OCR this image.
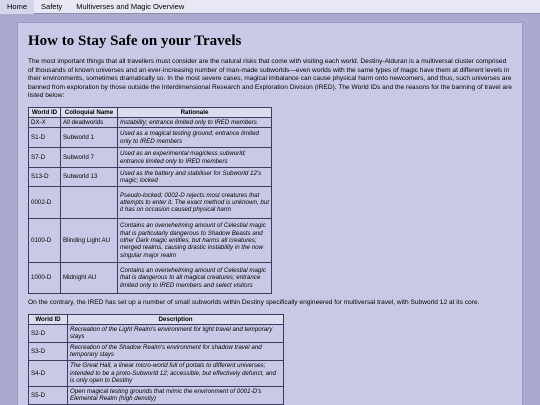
Home	Safety	Multiverses and Magic Overview
How to Stay Safe on your Travels

The most important things that all travellers must consider are the natural risks that come with visiting each world. Destiny-Alduran is a multiversal cluster comprised of thousands of known universes and an ever-increasing number of man-made subworlds—even worlds with the same types of magic have them at different levels in their environments, sometimes dramatically so. In the most severe cases, magical imbalance can cause physical harm onto newcomers, and thus, such universes are banned from exploration by those outside the Interdimensional Research and Exploration Division (IRED). The World IDs and the reasons for the banning of travel are listed below:

World ID	Colloquial Name	Rationale
DX-X	All deadworlds	Instability; entrance limited only to IRED members
S1-D	Subworld 1	Used as a magical testing ground; entrance limited only to IRED members
S7-D	Subworld 7	Used as an experimental magicless subworld; entrance limited only to IRED members
S13-D	Subworld 13	Used as the battery and stabiliser for Subworld 12's magic; locked
0002-D		Pseudo-locked; 0002-D rejects most creatures that attempts to enter it. The exact method is unknown, but it has on occasion caused physical harm
0100-D	Blinding Light AU	Contains an overwhelming amount of Celestial magic that is particularly dangerous to Shadow Beasts and other Dark magic entities, but harms all creatures; merged realms, causing drastic instability in the now singular major realm
1000-D	Midnight AU	Contains an overwhelming amount of Celestial magic that is dangerous to all magical creatures; entrance limited only to IRED members and select visitors

On the contrary, the IRED has set up a number of small subworlds within Destiny specifically engineered for multiversal travel, with Subworld 12 at its core.

World ID	Description
S2-D	Recreation of the Light Realm's environment for light travel and temporary stays
S3-D	Recreation of the Shadow Realm's environment for shadow travel and temporary stays
S4-D	The Great Hall, a linear micro-world full of portals to different universes; intended to be a proto-Subworld 12; accessible, but effectively defunct, and is only open to Destiny
S5-D	Open magical testing grounds that mimic the environment of 0001-D's Elemental Realm (high density)
